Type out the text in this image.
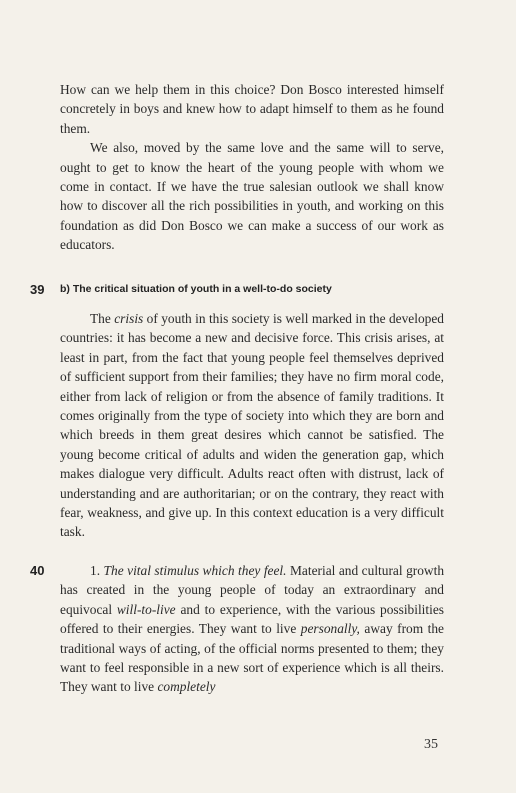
How can we help them in this choice? Don Bosco interested himself concretely in boys and knew how to adapt himself to them as he found them.

We also, moved by the same love and the same will to serve, ought to get to know the heart of the young people with whom we come in contact. If we have the true salesian outlook we shall know how to discover all the rich possibilities in youth, and working on this foundation as did Don Bosco we can make a success of our work as educators.

39 b) The critical situation of youth in a well-to-do society

The crisis of youth in this society is well marked in the developed countries: it has become a new and decisive force. This crisis arises, at least in part, from the fact that young people feel themselves deprived of sufficient support from their families; they have no firm moral code, either from lack of religion or from the absence of family traditions. It comes originally from the type of society into which they are born and which breeds in them great desires which cannot be satisfied. The young become critical of adults and widen the generation gap, which makes dialogue very difficult. Adults react often with distrust, lack of understanding and are authoritarian; or on the contrary, they react with fear, weakness, and give up. In this context education is a very difficult task.

40	1. The vital stimulus which they feel. Material and cultural growth has created in the young people of today an extraordinary and equivocal will-to-live and to experience, with the various possibilities offered to their energies. They want to live personally, away from the traditional ways of acting, of the official norms presented to them; they want to feel responsible in a new sort of experience which is all theirs. They want to live completely

35
